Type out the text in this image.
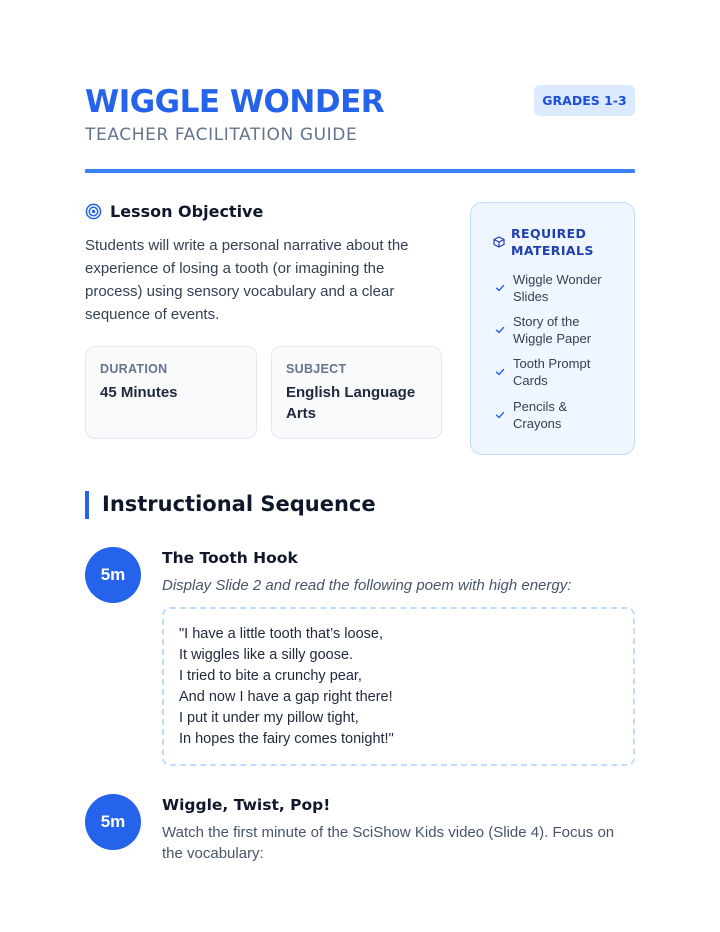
WIGGLE WONDER
TEACHER FACILITATION GUIDE
GRADES 1-3
Lesson Objective

Students will write a personal narrative about the experience of losing a tooth (or imagining the process) using sensory vocabulary and a clear sequence of events.

DURATION
45 Minutes
SUBJECT
English Language Arts
REQUIRED MATERIALS
Wiggle Wonder Slides
Story of the Wiggle Paper
Tooth Prompt Cards
Pencils & Crayons
Instructional Sequence
5m
The Tooth Hook
Display Slide 2 and read the following poem with high energy:
"I have a little tooth that’s loose,
It wiggles like a silly goose.
I tried to bite a crunchy pear,
And now I have a gap right there!
I put it under my pillow tight,
In hopes the fairy comes tonight!"
5m
Wiggle, Twist, Pop!
Watch the first minute of the SciShow Kids video (Slide 4). Focus on the vocabulary:
